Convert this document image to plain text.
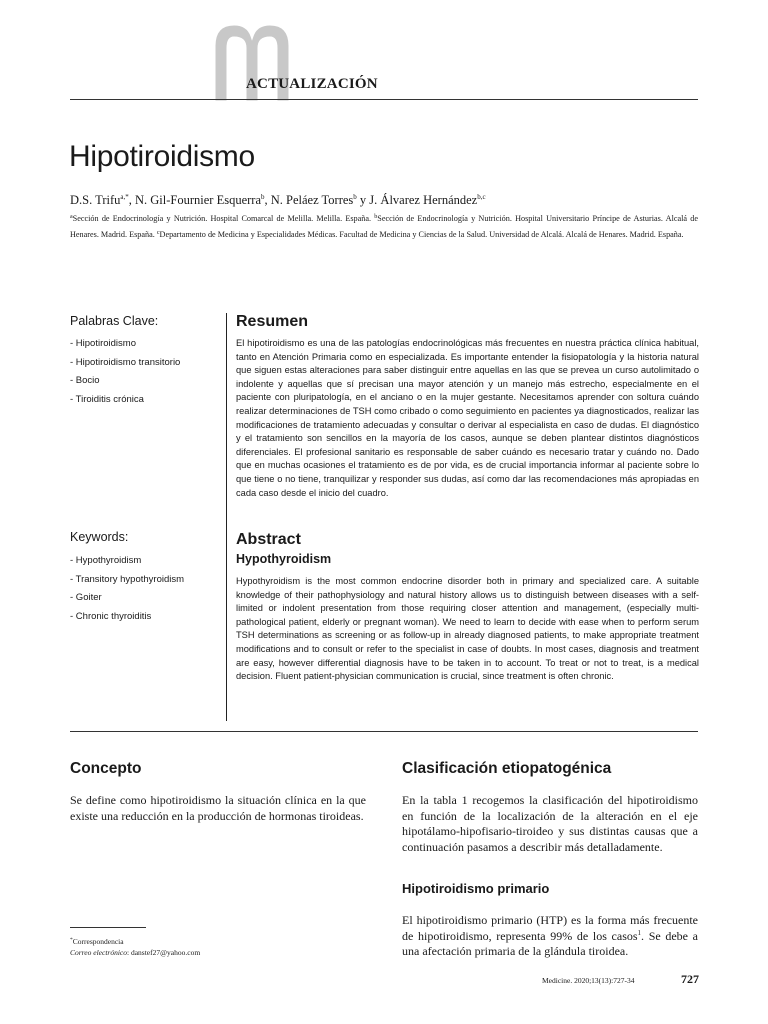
ACTUALIZACIÓN
Hipotiroidismo
D.S. Trifu$^{a,*}$, N. Gil-Fournier Esquerra$^b$, N. Peláez Torres$^b$ y J. Álvarez Hernández$^{b,c}$
$^a$Sección de Endocrinología y Nutrición. Hospital Comarcal de Melilla. Melilla. España. $^b$Sección de Endocrinología y Nutrición. Hospital Universitario Príncipe de Asturias. Alcalá de Henares. Madrid. España. $^c$Departamento de Medicina y Especialidades Médicas. Facultad de Medicina y Ciencias de la Salud. Universidad de Alcalá. Alcalá de Henares. Madrid. España.
Palabras Clave:
- Hipotiroidismo
- Hipotiroidismo transitorio
- Bocio
- Tiroiditis crónica
Keywords:
- Hypothyroidism
- Transitory hypothyroidism
- Goiter
- Chronic thyroiditis
Resumen
El hipotiroidismo es una de las patologías endocrinológicas más frecuentes en nuestra práctica clínica habitual, tanto en Atención Primaria como en especializada. Es importante entender la fisiopatología y la historia natural que siguen estas alteraciones para saber distinguir entre aquellas en las que se prevea un curso autolimitado o indolente y aquellas que sí precisan una mayor atención y un manejo más estrecho, especialmente en el paciente con pluripatología, en el anciano o en la mujer gestante. Necesitamos aprender con soltura cuándo realizar determinaciones de TSH como cribado o como seguimiento en pacientes ya diagnosticados, realizar las modificaciones de tratamiento adecuadas y consultar o derivar al especialista en caso de dudas. El diagnóstico y el tratamiento son sencillos en la mayoría de los casos, aunque se deben plantear distintos diagnósticos diferenciales. El profesional sanitario es responsable de saber cuándo es necesario tratar y cuándo no. Dado que en muchas ocasiones el tratamiento es de por vida, es de crucial importancia informar al paciente sobre lo que tiene o no tiene, tranquilizar y responder sus dudas, así como dar las recomendaciones más apropiadas en cada caso desde el inicio del cuadro.
Abstract
Hypothyroidism
Hypothyroidism is the most common endocrine disorder both in primary and specialized care. A suitable knowledge of their pathophysiology and natural history allows us to distinguish between diseases with a self-limited or indolent presentation from those requiring closer attention and management, (especially multi-pathological patient, elderly or pregnant woman). We need to learn to decide with ease when to perform serum TSH determinations as screening or as follow-up in already diagnosed patients, to make appropriate treatment modifications and to consult or refer to the specialist in case of doubts. In most cases, diagnosis and treatment are easy, however differential diagnosis have to be taken in to account. To treat or not to treat, is a medical decision. Fluent patient-physician communication is crucial, since treatment is often chronic.
Concepto
Se define como hipotiroidismo la situación clínica en la que existe una reducción en la producción de hormonas tiroideas.
Clasificación etiopatogénica
En la tabla 1 recogemos la clasificación del hipotiroidismo en función de la localización de la alteración en el eje hipotálamo-hipofisario-tiroideo y sus distintas causas que a continuación pasamos a describir más detalladamente.
Hipotiroidismo primario
El hipotiroidismo primario (HTP) es la forma más frecuente de hipotiroidismo, representa 99% de los casos$^1$. Se debe a una afectación primaria de la glándula tiroidea.
*Correspondencia
Correo electrónico: danstef27@yahoo.com
Medicine. 2020;13(13):727-34	727
